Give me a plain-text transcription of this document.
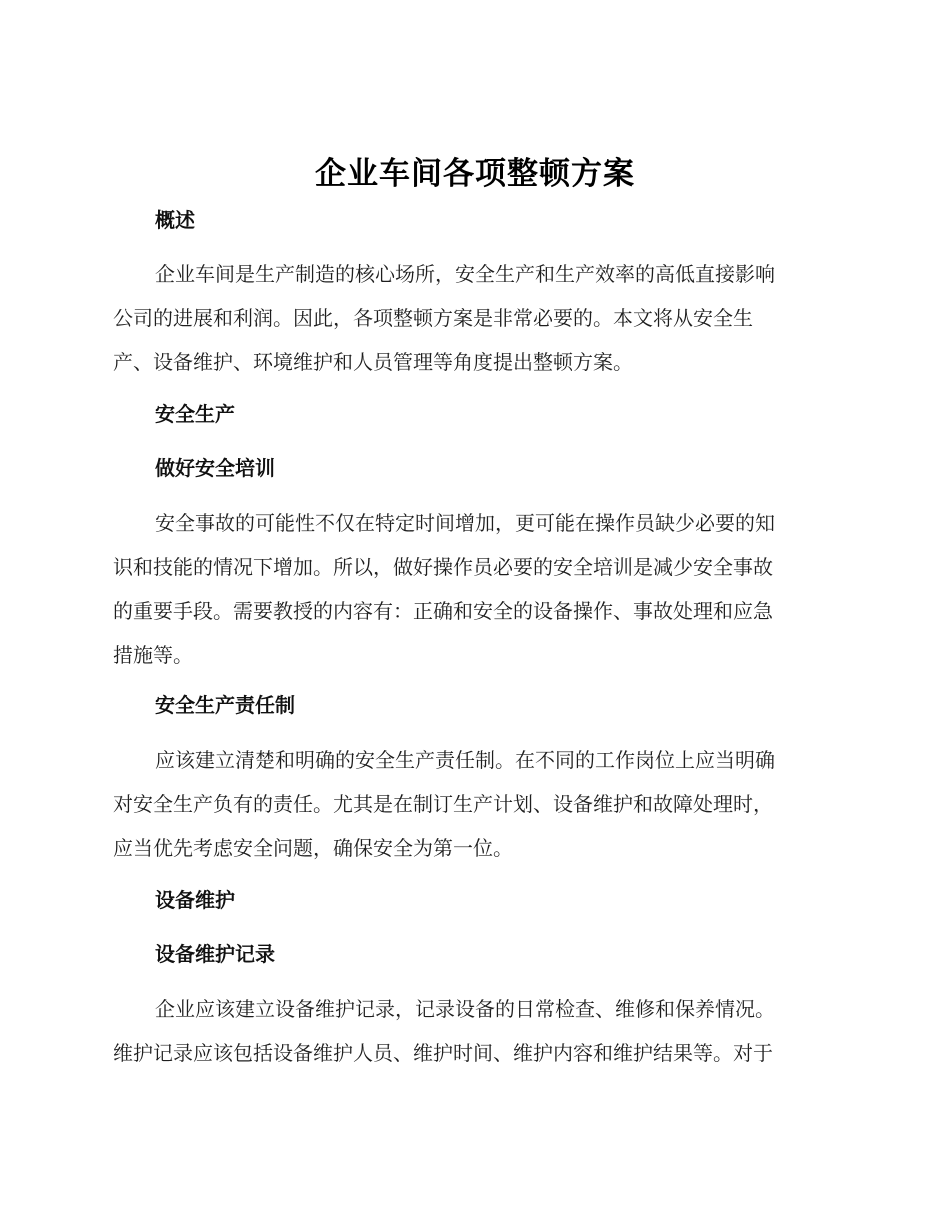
企业车间各项整顿方案
概述
企业车间是生产制造的核心场所，安全生产和生产效率的高低直接影响
公司的进展和利润。因此，各项整顿方案是非常必要的。本文将从安全生
产、设备维护、环境维护和人员管理等角度提出整顿方案。
安全生产
做好安全培训
安全事故的可能性不仅在特定时间增加，更可能在操作员缺少必要的知
识和技能的情况下增加。所以，做好操作员必要的安全培训是减少安全事故
的重要手段。需要教授的内容有：正确和安全的设备操作、事故处理和应急
措施等。
安全生产责任制
应该建立清楚和明确的安全生产责任制。在不同的工作岗位上应当明确
对安全生产负有的责任。尤其是在制订生产计划、设备维护和故障处理时，
应当优先考虑安全问题，确保安全为第一位。
设备维护
设备维护记录
企业应该建立设备维护记录，记录设备的日常检查、维修和保养情况。
维护记录应该包括设备维护人员、维护时间、维护内容和维护结果等。对于
